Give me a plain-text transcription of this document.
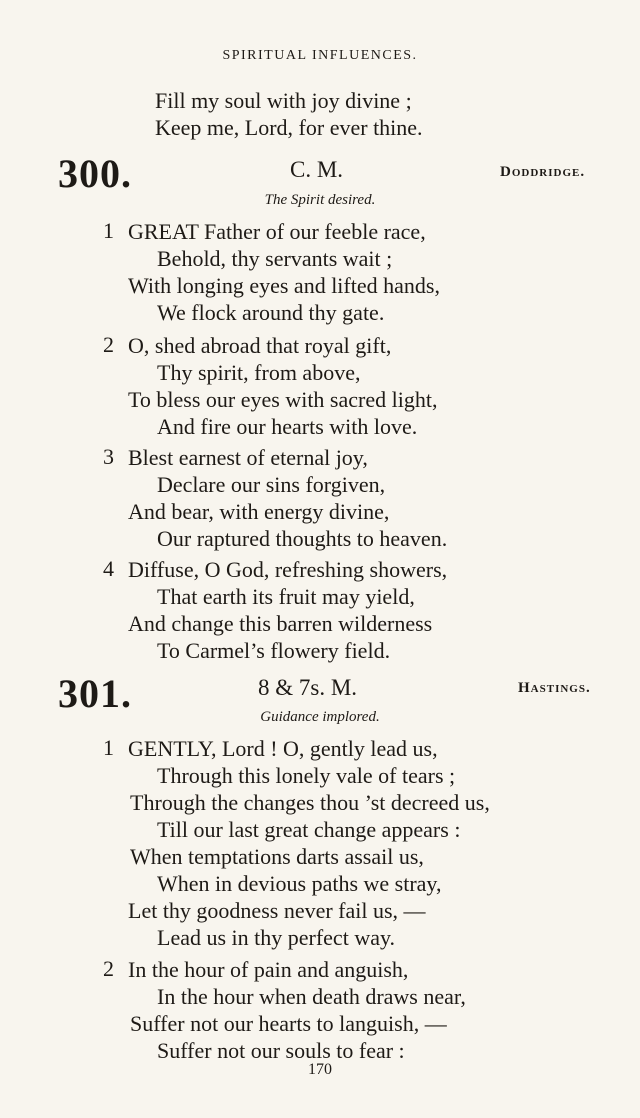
SPIRITUAL INFLUENCES.
Fill my soul with joy divine ;
Keep me, Lord, for ever thine.
300.	C. M.	Doddridge.
The Spirit desired.
1 GREAT Father of our feeble race,
Behold, thy servants wait ;
With longing eyes and lifted hands,
We flock around thy gate.
2 O, shed abroad that royal gift,
Thy spirit, from above,
To bless our eyes with sacred light,
And fire our hearts with love.
3 Blest earnest of eternal joy,
Declare our sins forgiven,
And bear, with energy divine,
Our raptured thoughts to heaven.
4 Diffuse, O God, refreshing showers,
That earth its fruit may yield,
And change this barren wilderness
To Carmel’s flowery field.
301.	8 & 7s. M.	Hastings.
Guidance implored.
1 GENTLY, Lord ! O, gently lead us,
Through this lonely vale of tears ;
Through the changes thou ’st decreed us,
Till our last great change appears :
When temptations darts assail us,
When in devious paths we stray,
Let thy goodness never fail us, —
Lead us in thy perfect way.
2 In the hour of pain and anguish,
In the hour when death draws near,
Suffer not our hearts to languish, —
Suffer not our souls to fear :
170
